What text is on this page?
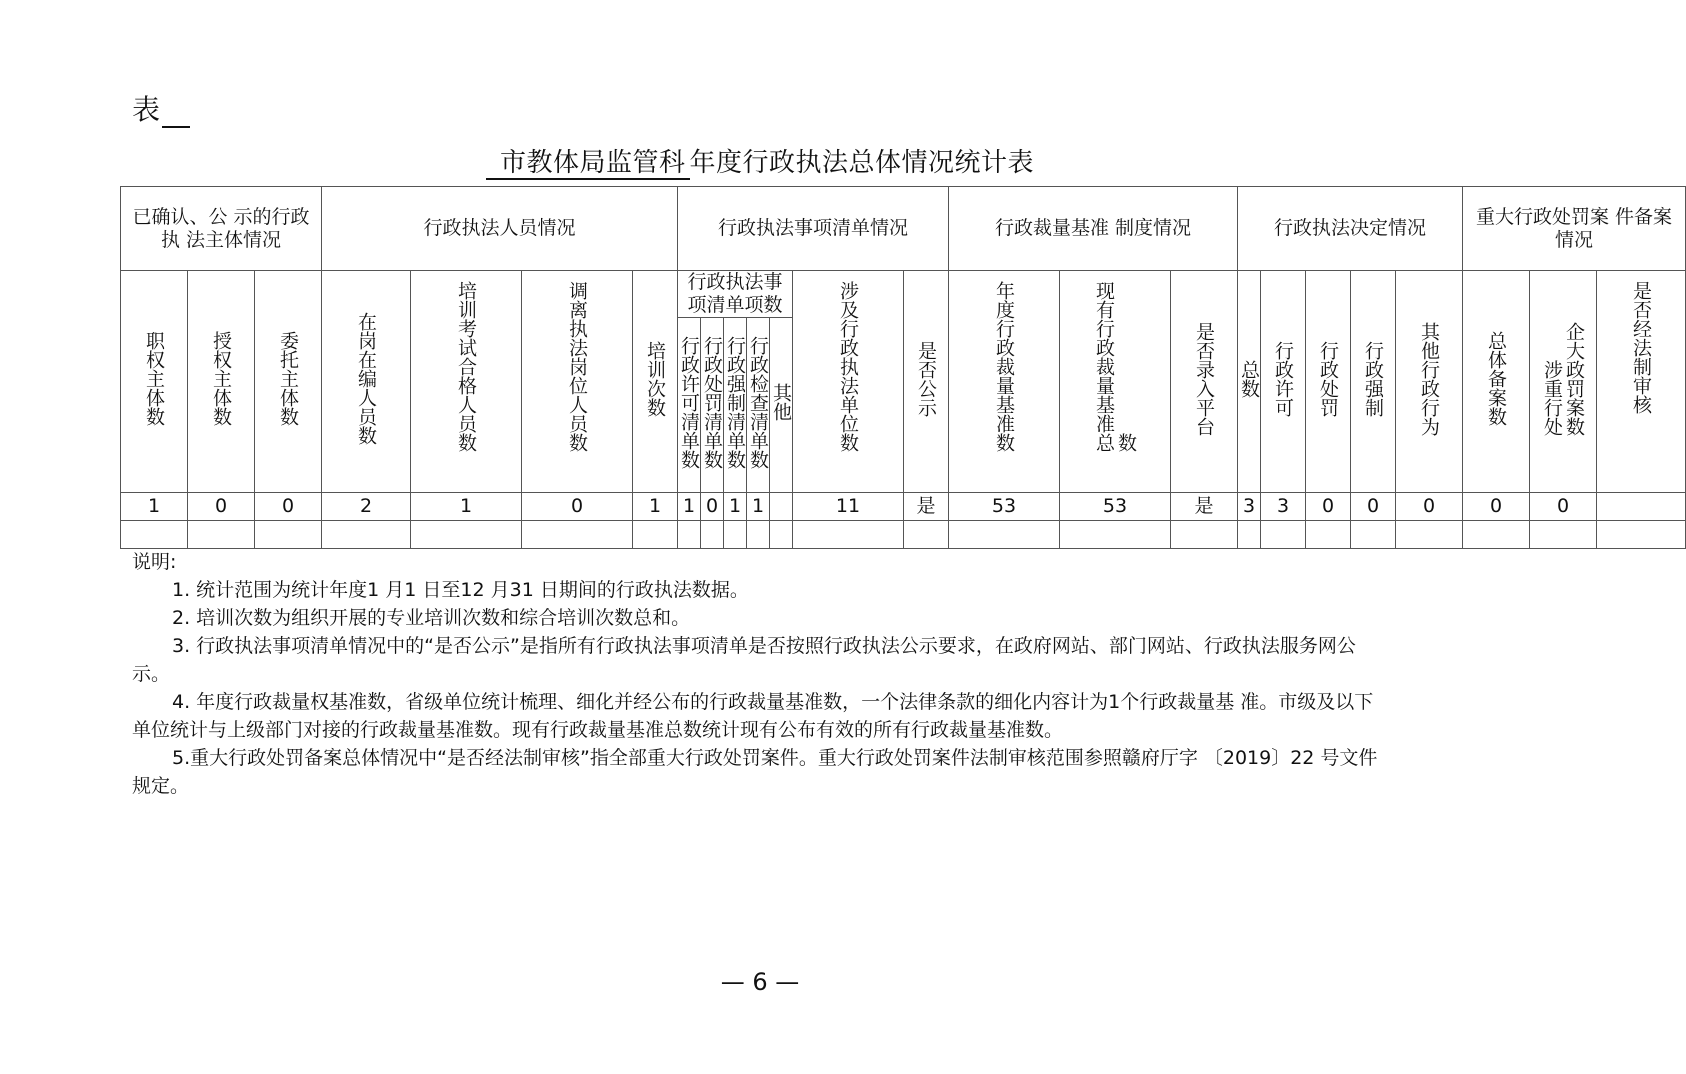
表
市教体局监管科 年度行政执法总体情况统计表
已确认、公 示的行政执 法主体情况			行政执法人员情况				行政执法事项清单情况							行政裁量基准 制度情况			行政执法决定情况					重大行政处罚案 件备案情况		
职权主体数	授权主体数	委托主体数	在岗在编人员数	培训考试合格人员数	调离执法岗位人员数	培训次数	行政执法事 项清单项数					涉及行政执法单位数	是否公示	年度行政裁量基准数	现有行政裁量基准总数	是否录入平台	总数	行政许可	行政处罚	行政强制	其他行政行为	总体备案数	涉重行处企大政罚案数	是否经法制审核
							行政许可清单数	行政处罚清单数	行政强制清单数	行政检查清单数	其他													
1	0	0	2	1	0	1	1	0	1	1		11	是	53	53	是	3	3	0	0	0	0	0	

说明:

1. 统计范围为统计年度1 月1 日至12 月31 日期间的行政执法数据。

2. 培训次数为组织开展的专业培训次数和综合培训次数总和。

3. 行政执法事项清单情况中的“是否公示”是指所有行政执法事项清单是否按照行政执法公示要求，在政府网站、部门网站、行政执法服务网公示。

4. 年度行政裁量权基准数，省级单位统计梳理、细化并经公布的行政裁量基准数，一个法律条款的细化内容计为1个行政裁量基 准。市级及以下单位统计与上级部门对接的行政裁量基准数。现有行政裁量基准总数统计现有公布有效的所有行政裁量基准数。

5.重大行政处罚备案总体情况中“是否经法制审核”指全部重大行政处罚案件。重大行政处罚案件法制审核范围参照赣府厅字 〔2019〕22 号文件规定。

— 6 —
